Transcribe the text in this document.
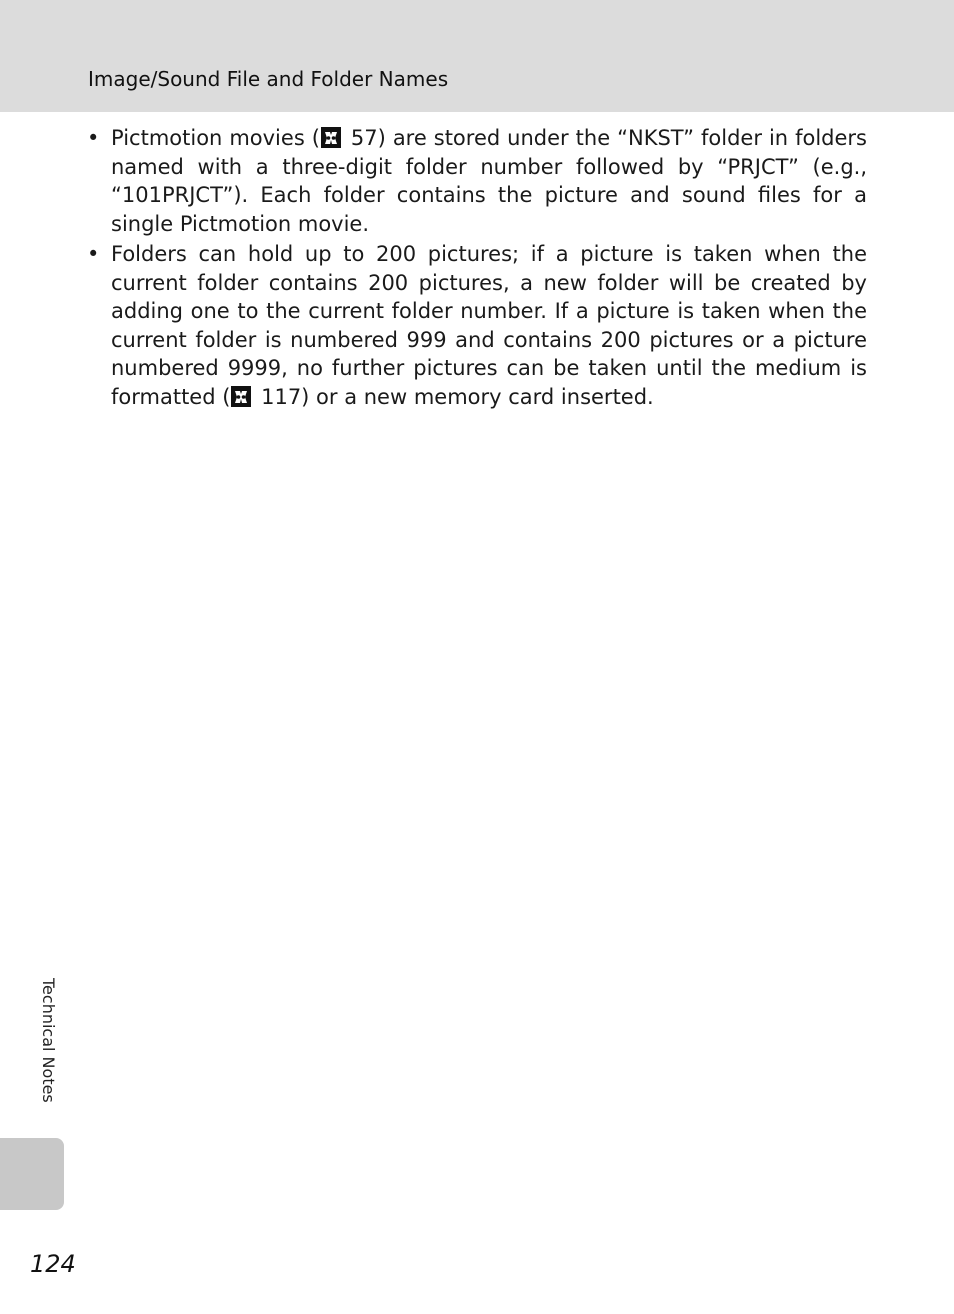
Image/Sound File and Folder Names
• Pictmotion movies (
57) are stored under the “NKST” folder in folders named with a three-digit folder number followed by “PRJCT” (e.g., “101PRJCT”). Each folder contains the picture and sound files for a single Pictmotion movie.
• Folders can hold up to 200 pictures; if a picture is taken when the current folder contains 200 pictures, a new folder will be created by adding one to the current folder number. If a picture is taken when the current folder is numbered 999 and contains 200 pictures or a picture numbered 9999, no further pictures can be taken until the medium is formatted (
117) or a new memory card inserted.
Technical Notes
124
